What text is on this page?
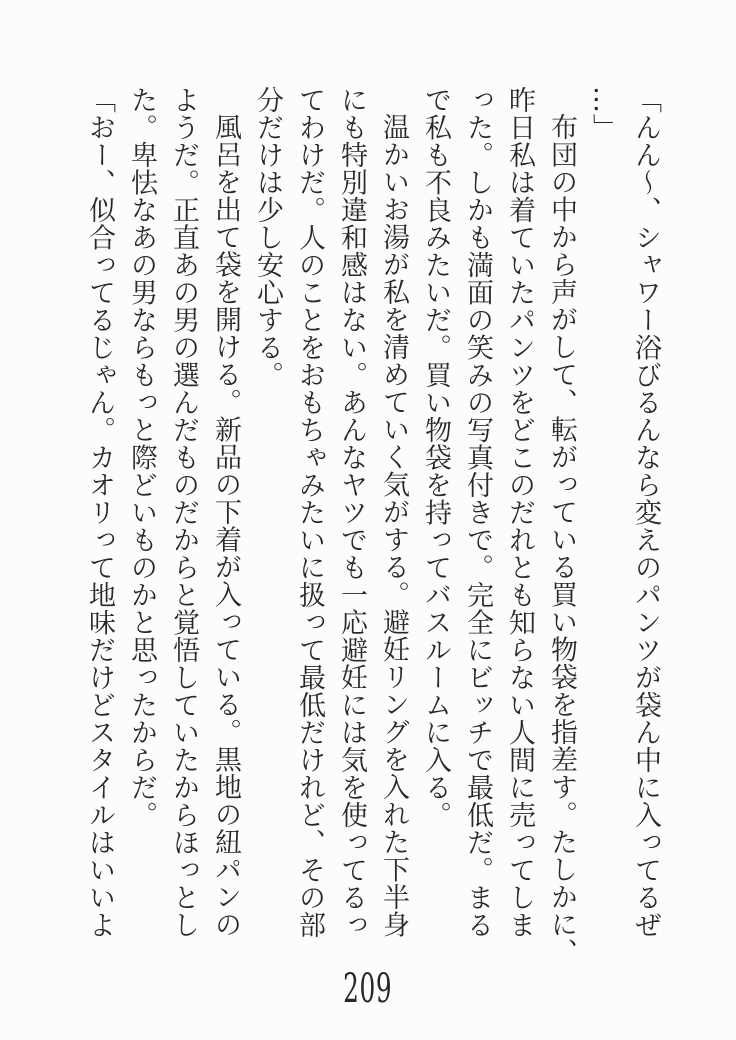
「んん〜、シャワー浴びるんなら変えのパンツが袋ん中に入ってるぜ
…」
布団の中から声がして、転がっている買い物袋を指差す。たしかに、
昨日私は着ていたパンツをどこのだれとも知らない人間に売ってしま
った。しかも満面の笑みの写真付きで。完全にビッチで最低だ。まる
で私も不良みたいだ。買い物袋を持ってバスルームに入る。
温かいお湯が私を清めていく気がする。避妊リングを入れた下半身
にも特別違和感はない。あんなヤツでも一応避妊には気を使ってるっ
てわけだ。人のことをおもちゃみたいに扱って最低だけれど、その部
分だけは少し安心する。
風呂を出て袋を開ける。新品の下着が入っている。黒地の紐パンの
ようだ。正直あの男の選んだものだからと覚悟していたからほっとし
た。卑怯なあの男ならもっと際どいものかと思ったからだ。
「おー、似合ってるじゃん。カオリって地味だけどスタイルはいいよ
209
